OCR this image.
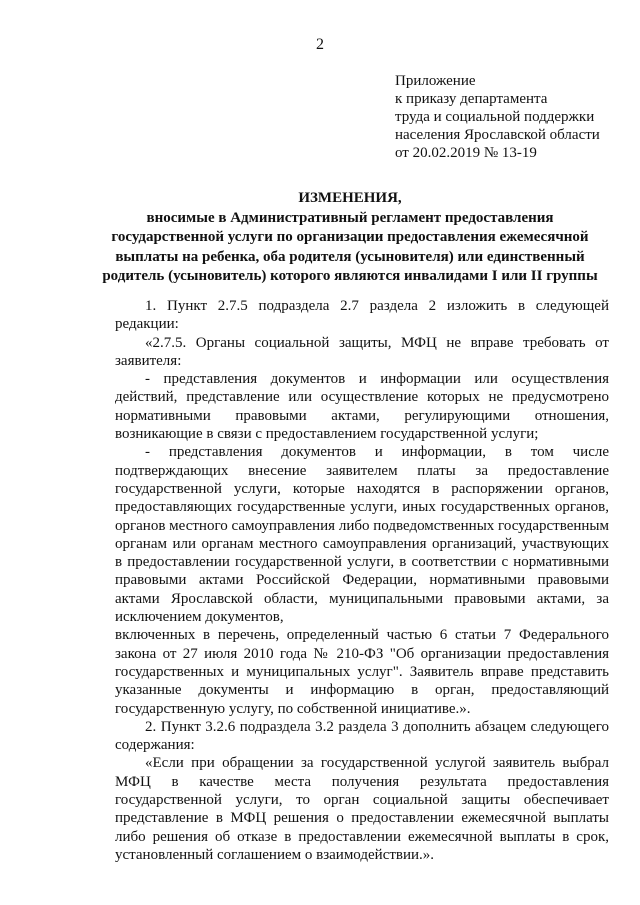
2
Приложение
к приказу департамента
труда и социальной поддержки
населения Ярославской области
от 20.02.2019 № 13-19
ИЗМЕНЕНИЯ,
вносимые в Административный регламент предоставления
государственной услуги по организации предоставления ежемесячной
выплаты на ребенка, оба родителя (усыновителя) или единственный
родитель (усыновитель) которого являются инвалидами I или II группы
1. Пункт 2.7.5 подраздела 2.7 раздела 2 изложить в следующей
редакции:
«2.7.5. Органы социальной защиты, МФЦ не вправе требовать от
заявителя:
- представления документов и информации или осуществления
действий, представление или осуществление которых не предусмотрено
нормативными правовыми актами, регулирующими отношения,
возникающие в связи с предоставлением государственной услуги;
- представления документов и информации, в том числе
подтверждающих внесение заявителем платы за предоставление
государственной услуги, которые находятся в распоряжении органов,
предоставляющих государственные услуги, иных государственных органов,
органов местного самоуправления либо подведомственных государственным
органам или органам местного самоуправления организаций, участвующих
в предоставлении государственной услуги, в соответствии с нормативными
правовыми актами Российской Федерации, нормативными правовыми
актами Ярославской области, муниципальными правовыми актами, за
исключением документов,
включенных в перечень, определенный частью 6 статьи 7 Федерального
закона от 27 июля 2010 года № 210-ФЗ "Об организации предоставления
государственных и муниципальных услуг". Заявитель вправе представить
указанные документы и информацию в орган, предоставляющий
государственную услугу, по собственной инициативе.».
2. Пункт 3.2.6 подраздела 3.2 раздела 3 дополнить абзацем следующего
содержания:
«Если при обращении за государственной услугой заявитель выбрал
МФЦ в качестве места получения результата предоставления
государственной услуги, то орган социальной защиты обеспечивает
представление в МФЦ решения о предоставлении ежемесячной выплаты
либо решения об отказе в предоставлении ежемесячной выплаты в срок,
установленный соглашением о взаимодействии.».
